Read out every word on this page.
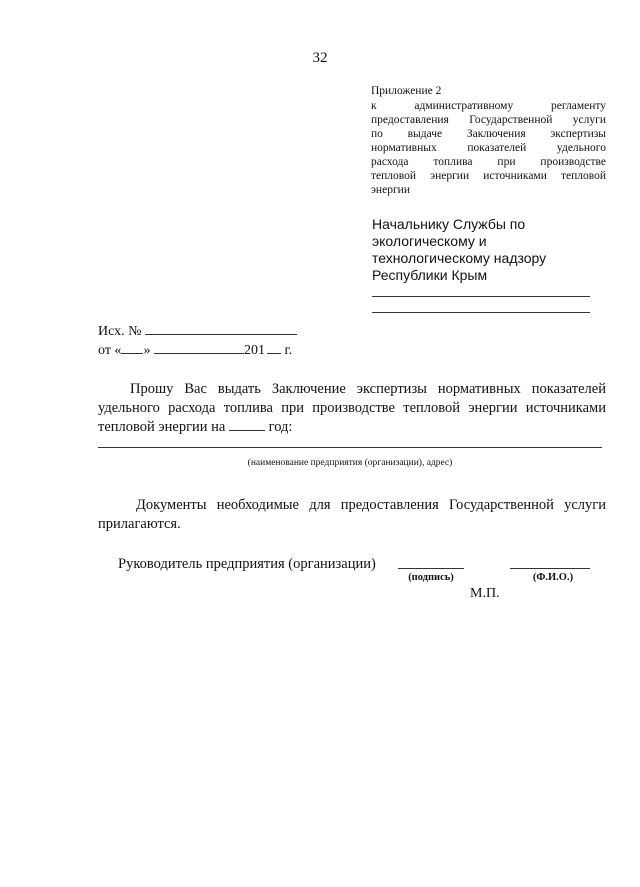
32
Приложение 2
к административному регламенту
предоставления Государственной услуги
по выдаче Заключения экспертизы
нормативных показателей удельного
расхода топлива при производстве
тепловой энергии источниками тепловой
энергии
Начальнику Службы по
экологическому и
технологическому надзору
Республики Крым
Исх. №
от « »	201 г.
Прошу Вас выдать Заключение экспертизы нормативных показателей удельного расхода топлива при производстве тепловой энергии источниками тепловой энергии на	год:
(наименование предприятия (организации), адрес)
Документы необходимые для предоставления Государственной услуги прилагаются.
Руководитель предприятия (организации)
(подпись)	(Ф.И.О.)
М.П.
